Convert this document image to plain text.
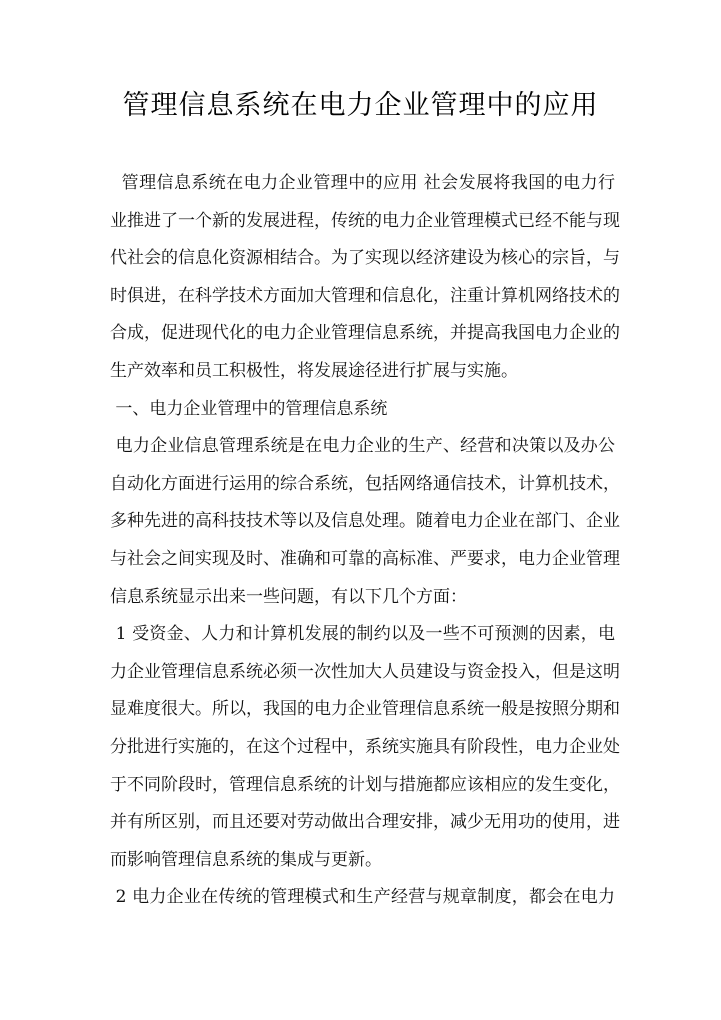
管理信息系统在电力企业管理中的应用
管理信息系统在电力企业管理中的应用 社会发展将我国的电力行
业推进了一个新的发展进程，传统的电力企业管理模式已经不能与现
代社会的信息化资源相结合。为了实现以经济建设为核心的宗旨，与
时俱进，在科学技术方面加大管理和信息化，注重计算机网络技术的
合成，促进现代化的电力企业管理信息系统，并提高我国电力企业的
生产效率和员工积极性，将发展途径进行扩展与实施。
一、电力企业管理中的管理信息系统
电力企业信息管理系统是在电力企业的生产、经营和决策以及办公
自动化方面进行运用的综合系统，包括网络通信技术，计算机技术，
多种先进的高科技技术等以及信息处理。随着电力企业在部门、企业
与社会之间实现及时、准确和可靠的高标准、严要求，电力企业管理
信息系统显示出来一些问题，有以下几个方面：
1 受资金、人力和计算机发展的制约以及一些不可预测的因素，电
力企业管理信息系统必须一次性加大人员建设与资金投入，但是这明
显难度很大。所以，我国的电力企业管理信息系统一般是按照分期和
分批进行实施的，在这个过程中，系统实施具有阶段性，电力企业处
于不同阶段时，管理信息系统的计划与措施都应该相应的发生变化，
并有所区别，而且还要对劳动做出合理安排，减少无用功的使用，进
而影响管理信息系统的集成与更新。
2 电力企业在传统的管理模式和生产经营与规章制度，都会在电力
